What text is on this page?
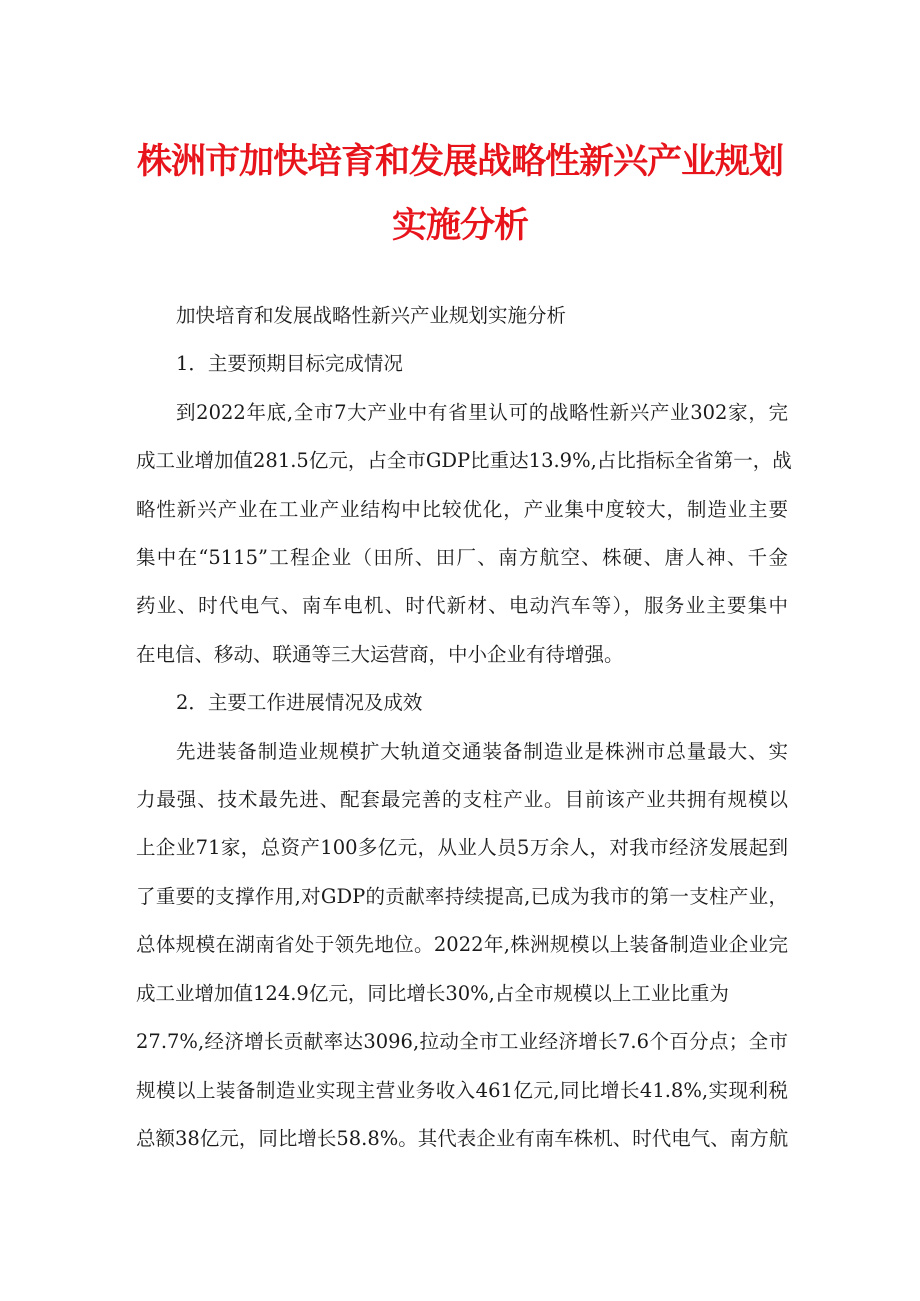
株洲市加快培育和发展战略性新兴产业规划
实施分析

加快培育和发展战略性新兴产业规划实施分析

1．主要预期目标完成情况

到2022年底,全市7大产业中有省里认可的战略性新兴产业302家，完
成工业增加值281.5亿元，占全市GDP比重达13.9%,占比指标全省第一，战
略性新兴产业在工业产业结构中比较优化，产业集中度较大，制造业主要
集中在“5115”工程企业（田所、田厂、南方航空、株硬、唐人神、千金
药业、时代电气、南车电机、时代新材、电动汽车等），服务业主要集中
在电信、移动、联通等三大运营商，中小企业有待增强。

2．主要工作进展情况及成效

先进装备制造业规模扩大轨道交通装备制造业是株洲市总量最大、实
力最强、技术最先进、配套最完善的支柱产业。目前该产业共拥有规模以
上企业71家，总资产100多亿元，从业人员5万余人，对我市经济发展起到
了重要的支撑作用,对GDP的贡献率持续提高,已成为我市的第一支柱产业，
总体规模在湖南省处于领先地位。2022年,株洲规模以上装备制造业企业完
成工业增加值124.9亿元，同比增长30%,占全市规模以上工业比重为
27.7%,经济增长贡献率达3096,拉动全市工业经济增长7.6个百分点；全市
规模以上装备制造业实现主营业务收入461亿元,同比增长41.8%,实现利税
总额38亿元，同比增长58.8%。其代表企业有南车株机、时代电气、南方航
